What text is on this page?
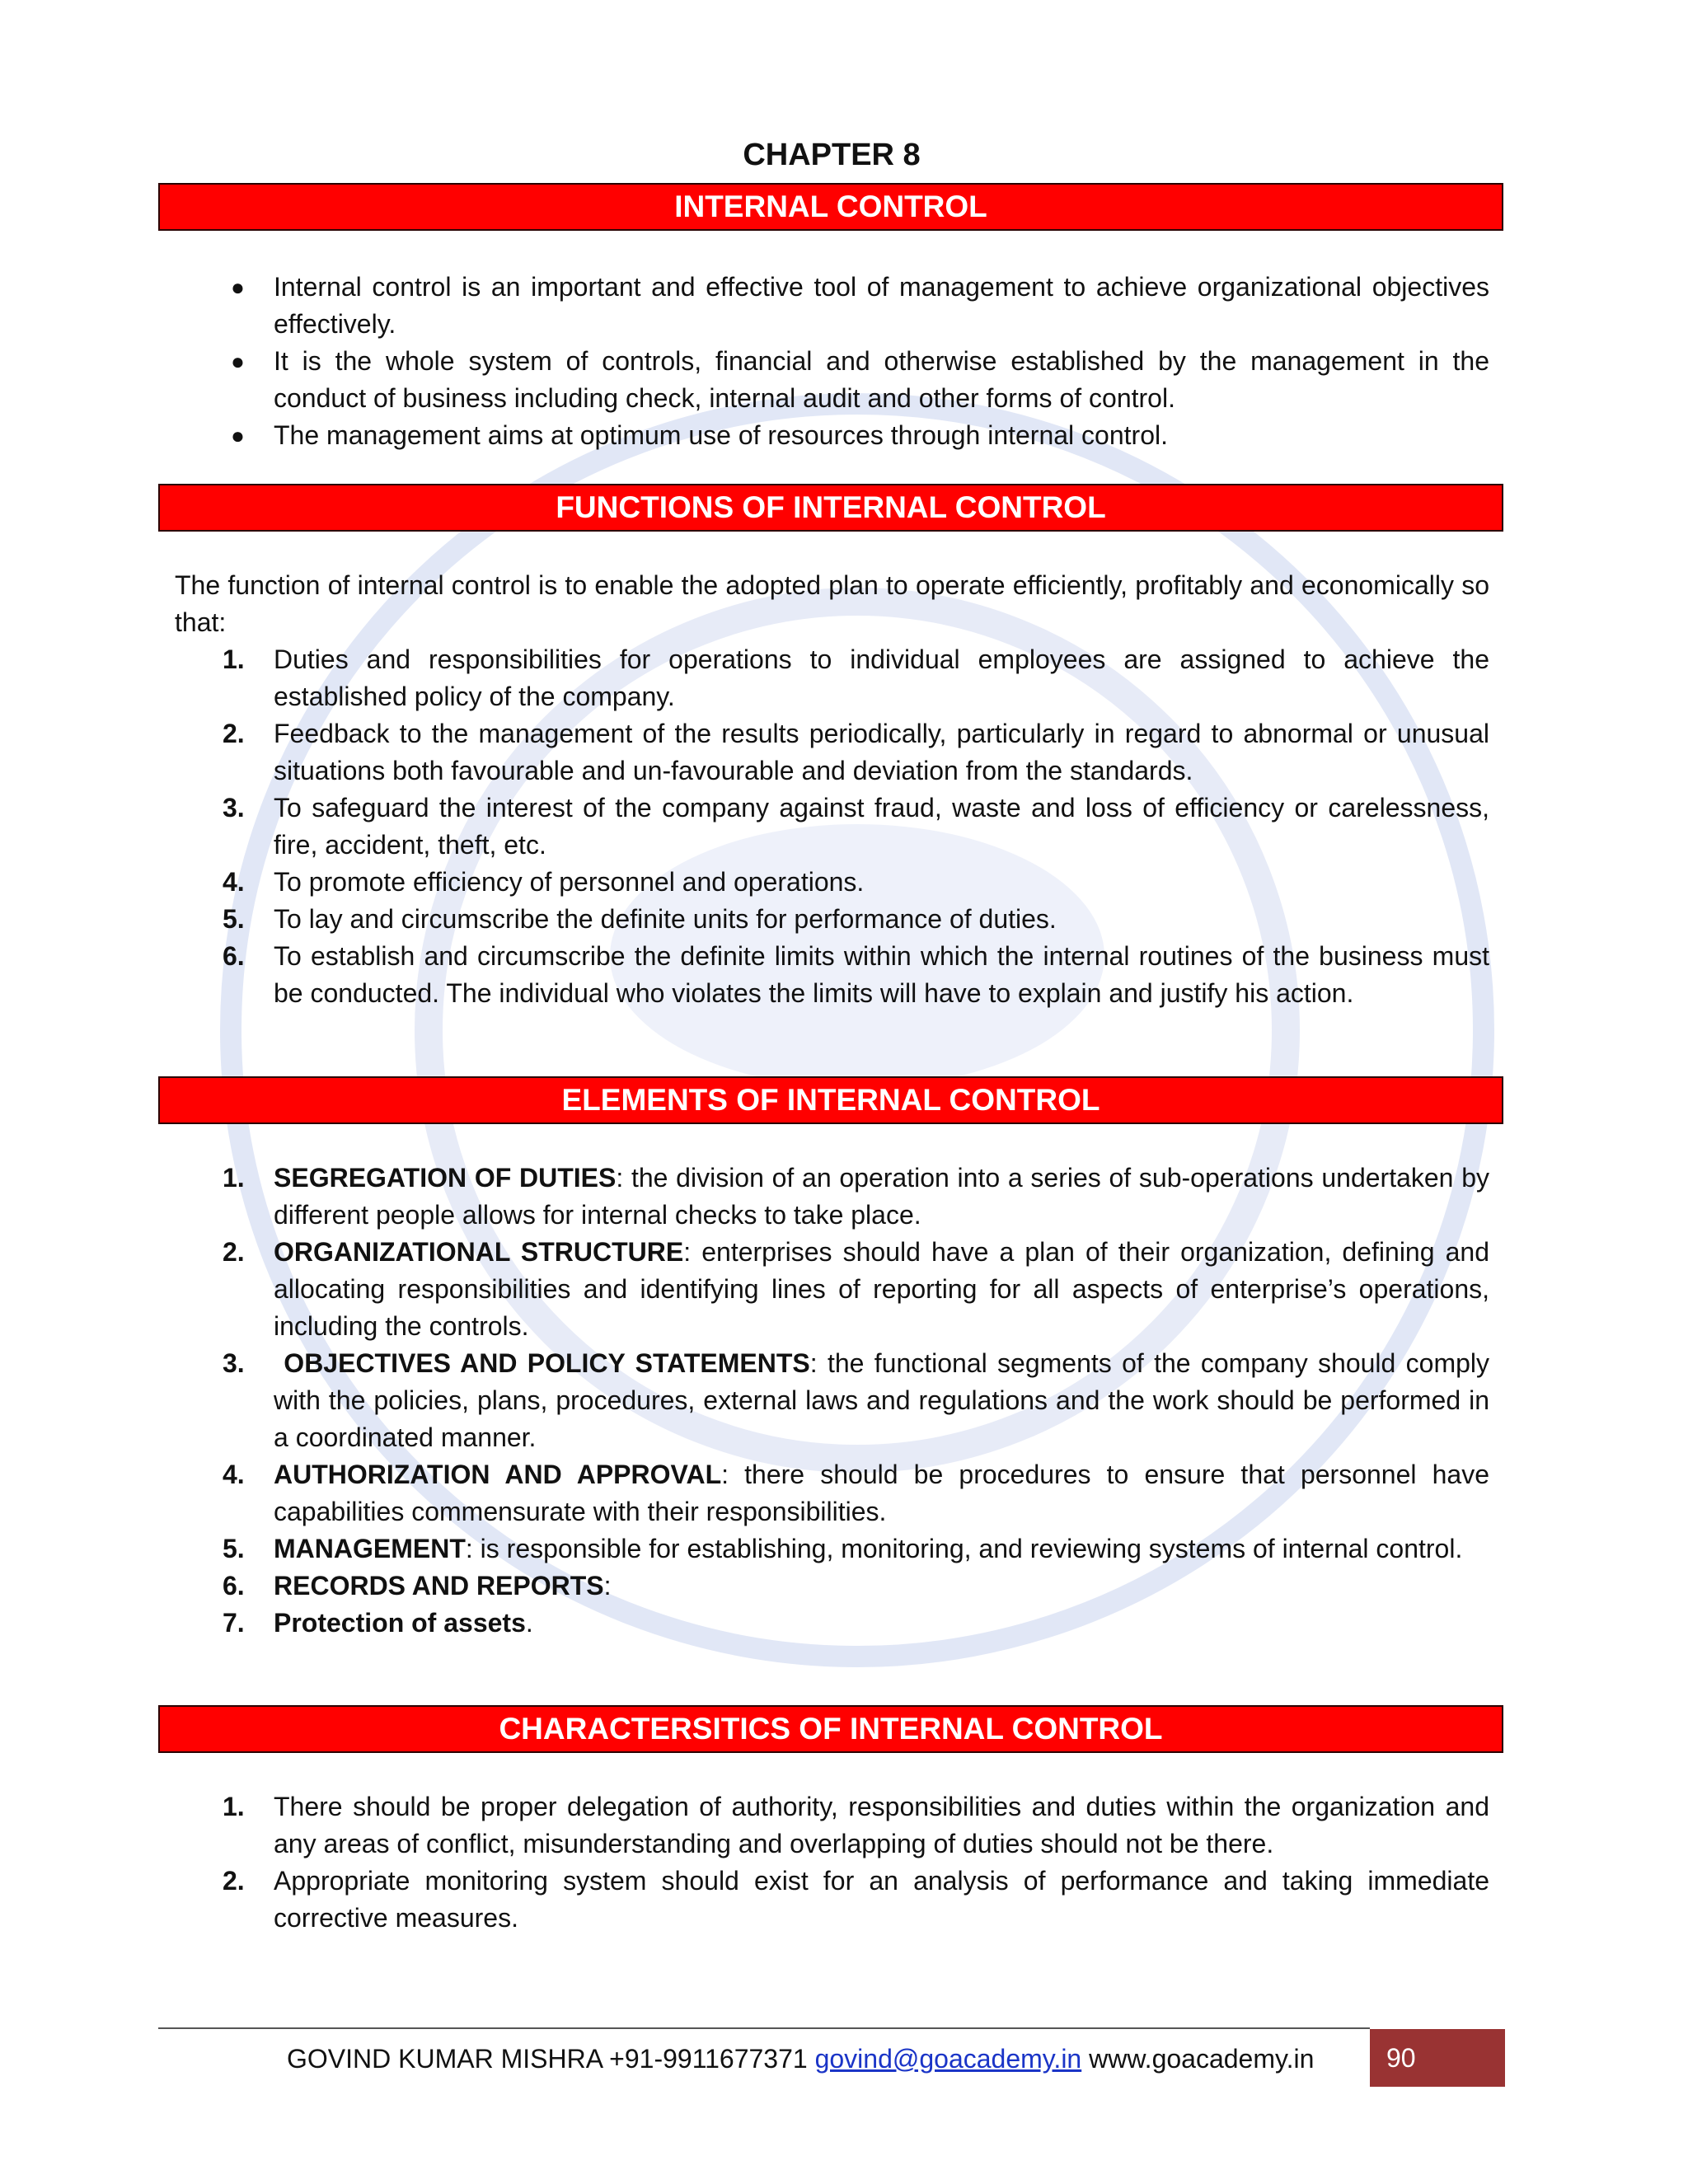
CHAPTER 8
INTERNAL CONTROL
● Internal control is an important and effective tool of management to achieve organizational objectives effectively.
● It is the whole system of controls, financial and otherwise established by the management in the conduct of business including check, internal audit and other forms of control.
● The management aims at optimum use of resources through internal control.
FUNCTIONS OF INTERNAL CONTROL
The function of internal control is to enable the adopted plan to operate efficiently, profitably and economically so that:
1. Duties and responsibilities for operations to individual employees are assigned to achieve the established policy of the company.
2. Feedback to the management of the results periodically, particularly in regard to abnormal or unusual situations both favourable and un-favourable and deviation from the standards.
3. To safeguard the interest of the company against fraud, waste and loss of efficiency or carelessness, fire, accident, theft, etc.
4. To promote efficiency of personnel and operations.
5. To lay and circumscribe the definite units for performance of duties.
6. To establish and circumscribe the definite limits within which the internal routines of the business must be conducted. The individual who violates the limits will have to explain and justify his action.
ELEMENTS OF INTERNAL CONTROL
1. SEGREGATION OF DUTIES: the division of an operation into a series of sub-operations undertaken by different people allows for internal checks to take place.
2. ORGANIZATIONAL STRUCTURE: enterprises should have a plan of their organization, defining and allocating responsibilities and identifying lines of reporting for all aspects of enterprise’s operations, including the controls.
3. OBJECTIVES AND POLICY STATEMENTS: the functional segments of the company should comply with the policies, plans, procedures, external laws and regulations and the work should be performed in a coordinated manner.
4. AUTHORIZATION AND APPROVAL: there should be procedures to ensure that personnel have capabilities commensurate with their responsibilities.
5. MANAGEMENT: is responsible for establishing, monitoring, and reviewing systems of internal control.
6. RECORDS AND REPORTS:
7. Protection of assets.
CHARACTERSITICS OF INTERNAL CONTROL
1. There should be proper delegation of authority, responsibilities and duties within the organization and any areas of conflict, misunderstanding and overlapping of duties should not be there.
2. Appropriate monitoring system should exist for an analysis of performance and taking immediate corrective measures.
GOVIND KUMAR MISHRA +91-9911677371 govind@goacademy.in www.goacademy.in	90
